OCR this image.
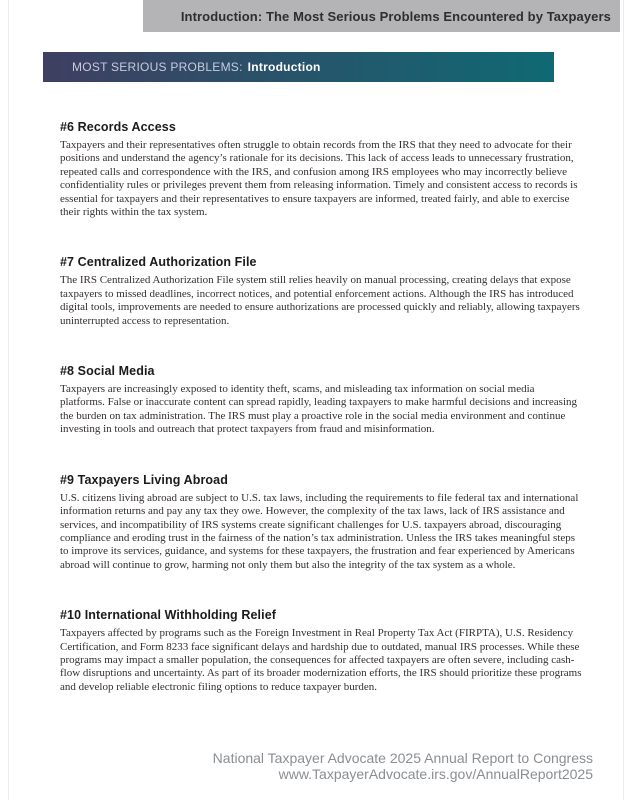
Introduction: The Most Serious Problems Encountered by Taxpayers
MOST SERIOUS PROBLEMS: Introduction
#6 Records Access

Taxpayers and their representatives often struggle to obtain records from the IRS that they need to advocate for their positions and understand the agency’s rationale for its decisions. This lack of access leads to unnecessary frustration, repeated calls and correspondence with the IRS, and confusion among IRS employees who may incorrectly believe confidentiality rules or privileges prevent them from releasing information. Timely and consistent access to records is essential for taxpayers and their representatives to ensure taxpayers are informed, treated fairly, and able to exercise their rights within the tax system.

#7 Centralized Authorization File

The IRS Centralized Authorization File system still relies heavily on manual processing, creating delays that expose taxpayers to missed deadlines, incorrect notices, and potential enforcement actions. Although the IRS has introduced digital tools, improvements are needed to ensure authorizations are processed quickly and reliably, allowing taxpayers uninterrupted access to representation.

#8 Social Media

Taxpayers are increasingly exposed to identity theft, scams, and misleading tax information on social media platforms. False or inaccurate content can spread rapidly, leading taxpayers to make harmful decisions and increasing the burden on tax administration. The IRS must play a proactive role in the social media environment and continue investing in tools and outreach that protect taxpayers from fraud and misinformation.

#9 Taxpayers Living Abroad

U.S. citizens living abroad are subject to U.S. tax laws, including the requirements to file federal tax and international information returns and pay any tax they owe. However, the complexity of the tax laws, lack of IRS assistance and services, and incompatibility of IRS systems create significant challenges for U.S. taxpayers abroad, discouraging compliance and eroding trust in the fairness of the nation’s tax administration. Unless the IRS takes meaningful steps to improve its services, guidance, and systems for these taxpayers, the frustration and fear experienced by Americans abroad will continue to grow, harming not only them but also the integrity of the tax system as a whole.

#10 International Withholding Relief

Taxpayers affected by programs such as the Foreign Investment in Real Property Tax Act (FIRPTA), U.S. Residency Certification, and Form 8233 face significant delays and hardship due to outdated, manual IRS processes. While these programs may impact a smaller population, the consequences for affected taxpayers are often severe, including cash-flow disruptions and uncertainty. As part of its broader modernization efforts, the IRS should prioritize these programs and develop reliable electronic filing options to reduce taxpayer burden.

National Taxpayer Advocate 2025 Annual Report to Congress
www.TaxpayerAdvocate.irs.gov/AnnualReport2025
